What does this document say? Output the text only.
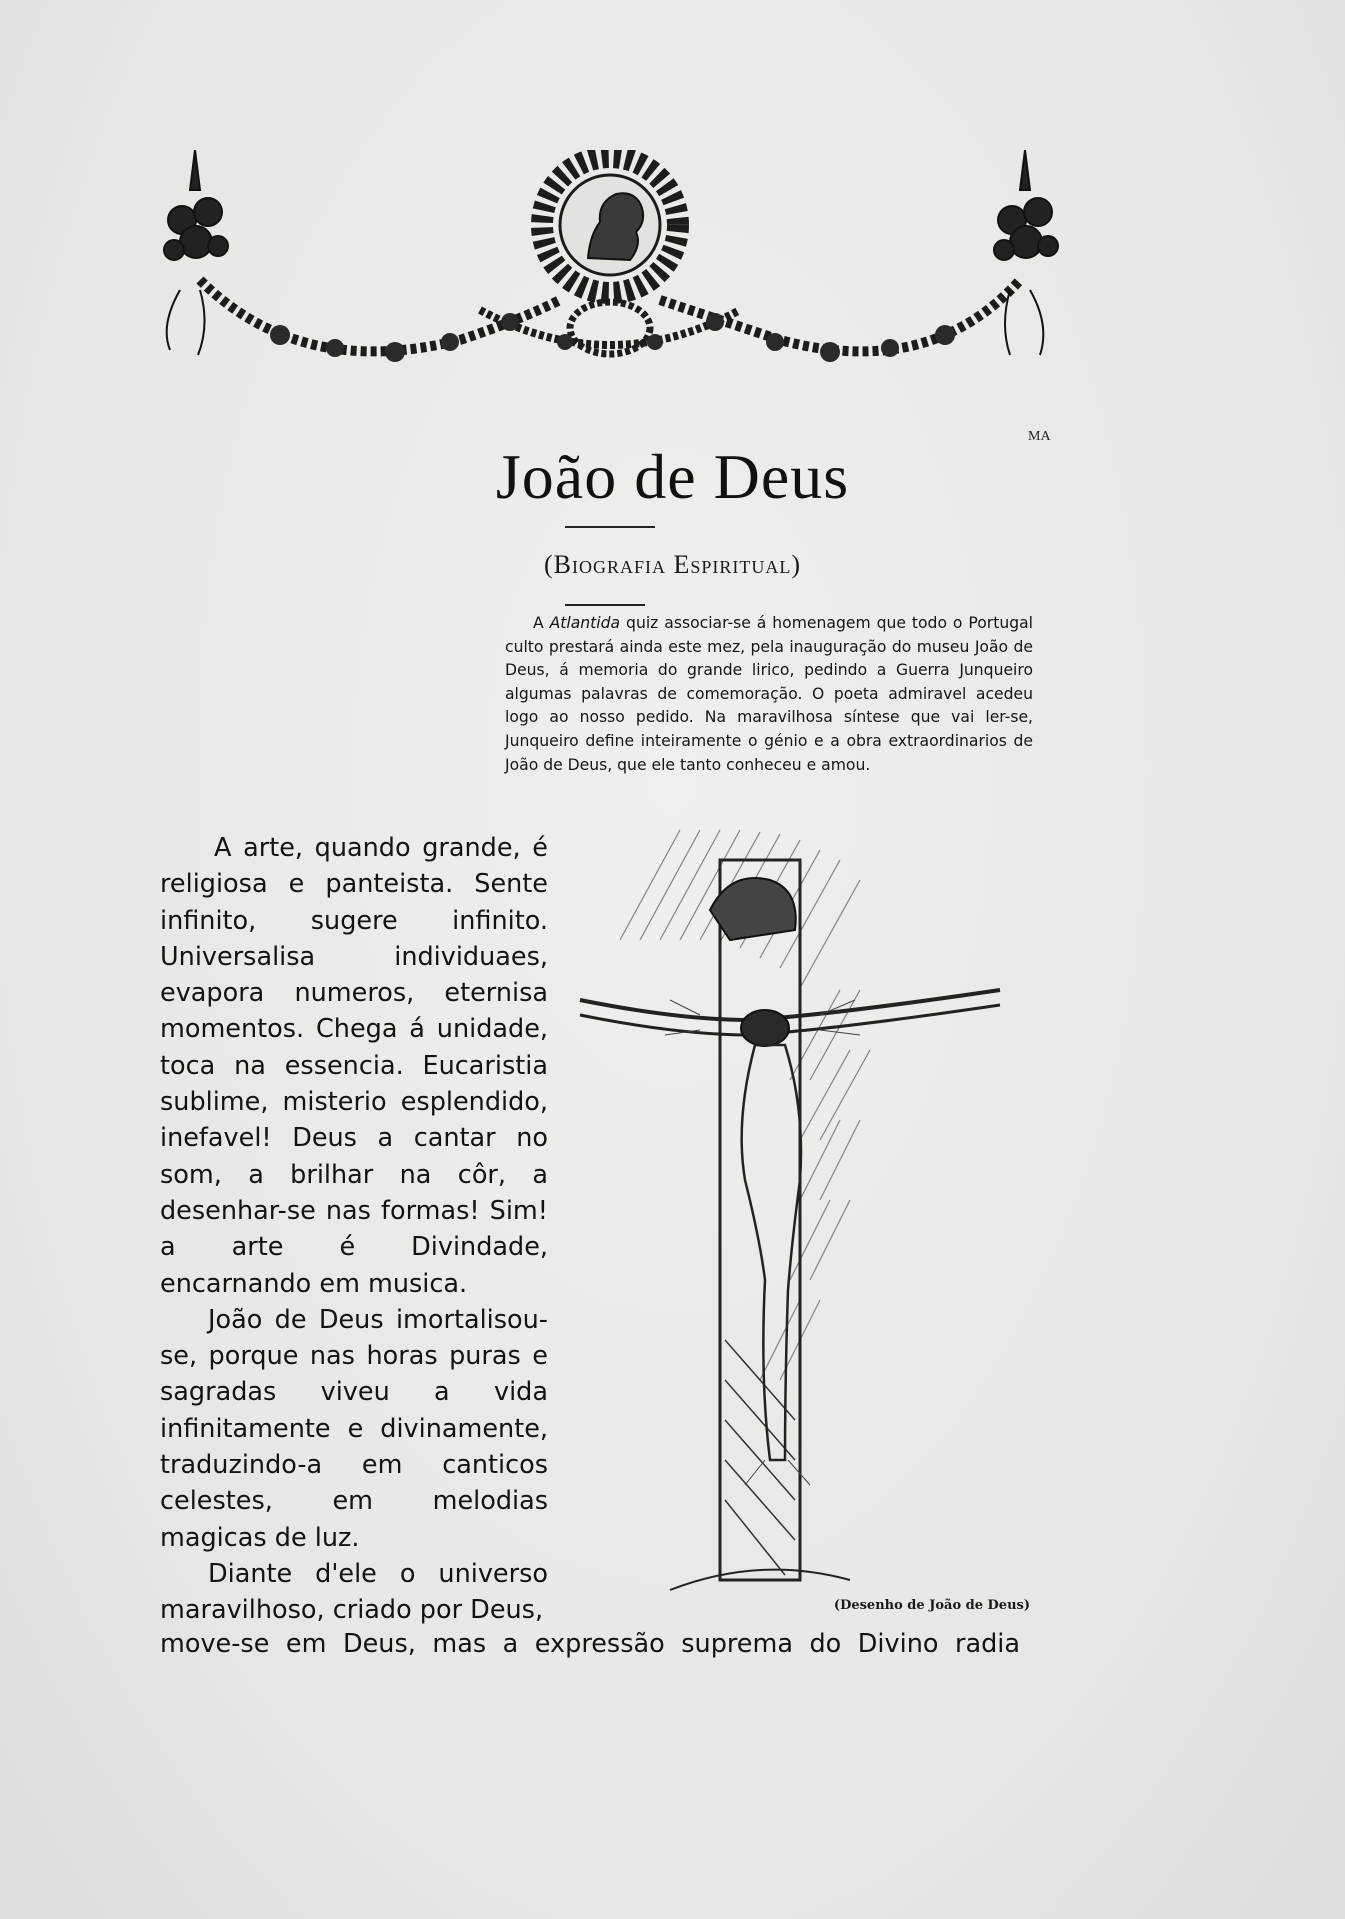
MA
João de Deus
(Biografia Espiritual)
A Atlantida quiz associar-se á homenagem que todo o Portugal culto prestará ainda este mez, pela inauguração do museu João de Deus, á memoria do grande lirico, pedindo a Guerra Junqueiro algumas palavras de comemoração. O poeta admiravel acedeu logo ao nosso pedido. Na maravilhosa síntese que vai ler-se, Junqueiro define inteiramente o génio e a obra extraordinarios de João de Deus, que ele tanto conheceu e amou.

A arte, quando grande, é religiosa e panteista. Sente infinito, sugere infinito. Universalisa individuaes, evapora numeros, eternisa momentos. Chega á unidade, toca na essencia. Eucaristia sublime, misterio esplendido, inefavel! Deus a cantar no som, a brilhar na côr, a desenhar-se nas formas! Sim! a arte é Divindade, encarnando em musica.

João de Deus imortalisou-se, porque nas horas puras e sagradas viveu a vida infinitamente e divinamente, traduzindo-a em canticos celestes, em melodias magicas de luz.

Diante d'ele o universo maravilhoso, criado por Deus,

move-se em Deus, mas a expressão suprema do Divino radia
(Desenho de João de Deus)
